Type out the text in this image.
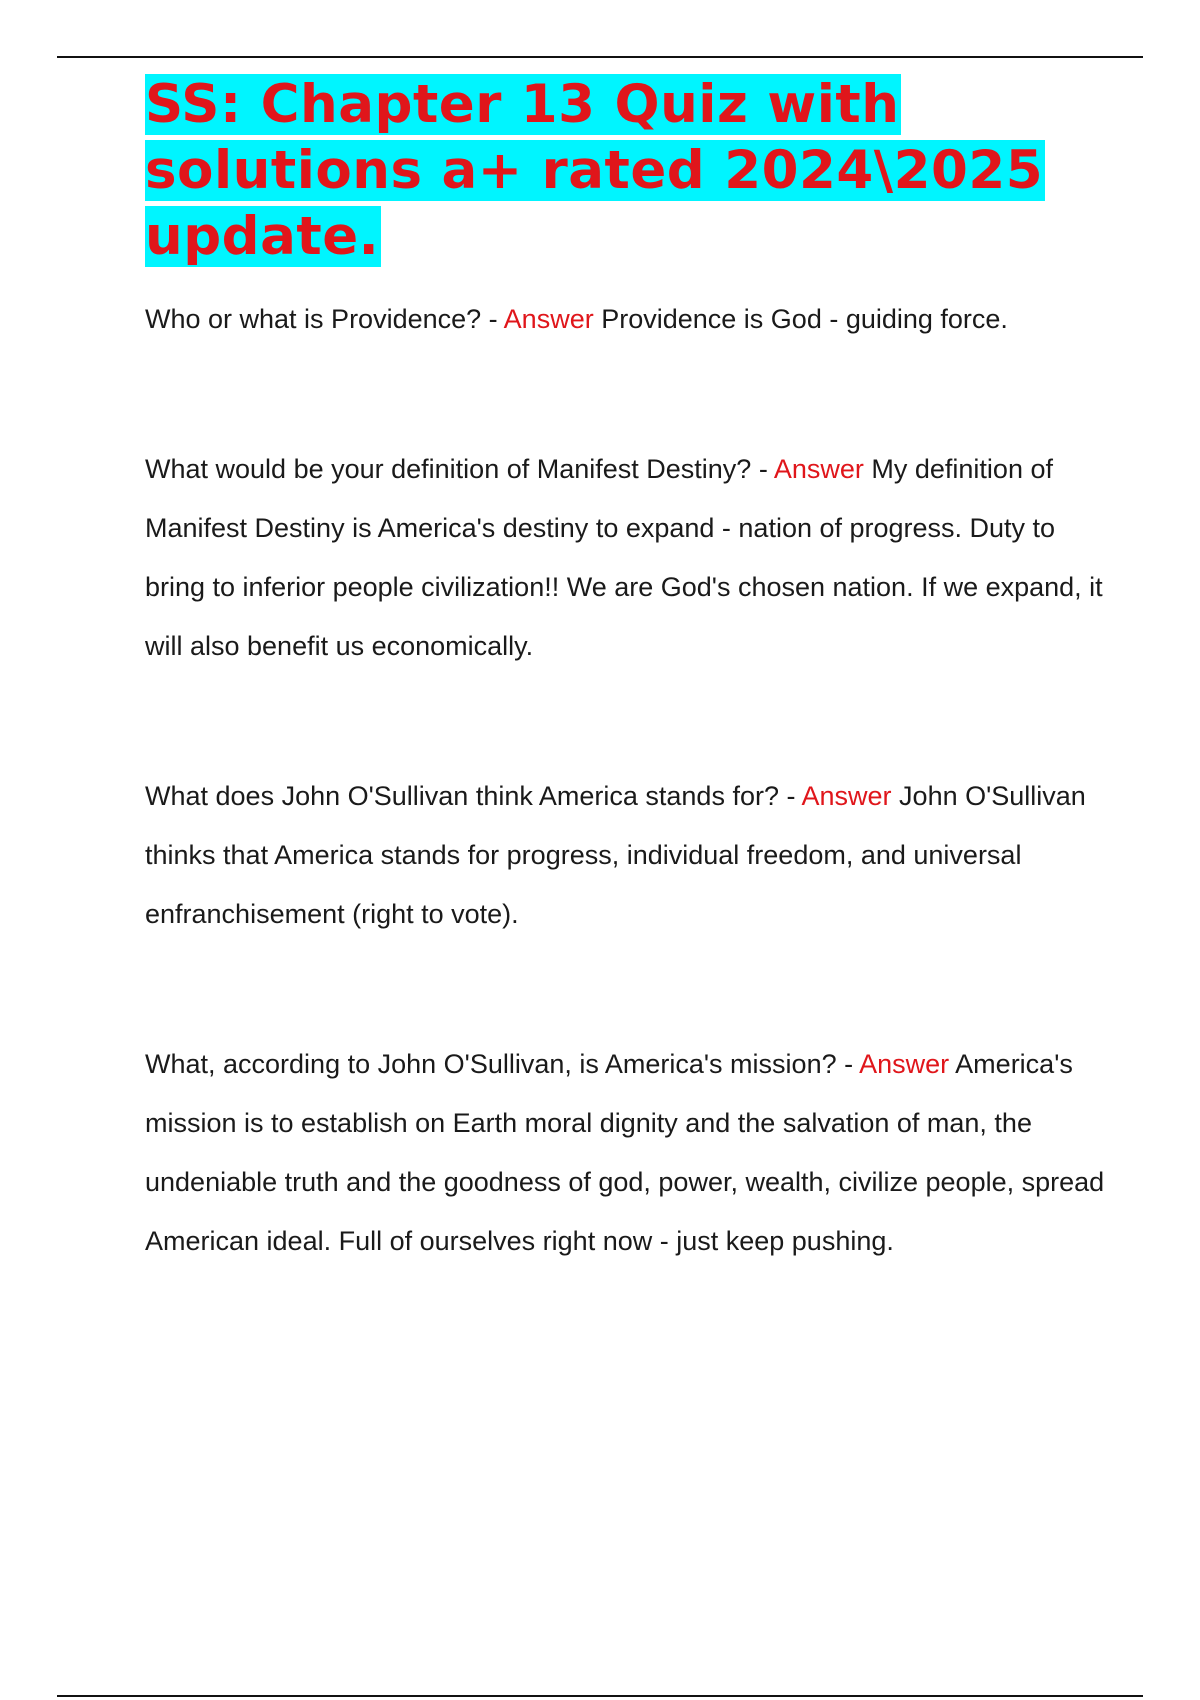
SS: Chapter 13 Quiz with solutions a+ rated 2024\2025 update.

Who or what is Providence? - Answer Providence is God - guiding force.

What would be your definition of Manifest Destiny? - Answer My definition of Manifest Destiny is America's destiny to expand - nation of progress. Duty to bring to inferior people civilization!! We are God's chosen nation. If we expand, it will also benefit us economically.

What does John O'Sullivan think America stands for? - Answer John O'Sullivan thinks that America stands for progress, individual freedom, and universal enfranchisement (right to vote).

What, according to John O'Sullivan, is America's mission? - Answer America's mission is to establish on Earth moral dignity and the salvation of man, the undeniable truth and the goodness of god, power, wealth, civilize people, spread American ideal. Full of ourselves right now - just keep pushing.
